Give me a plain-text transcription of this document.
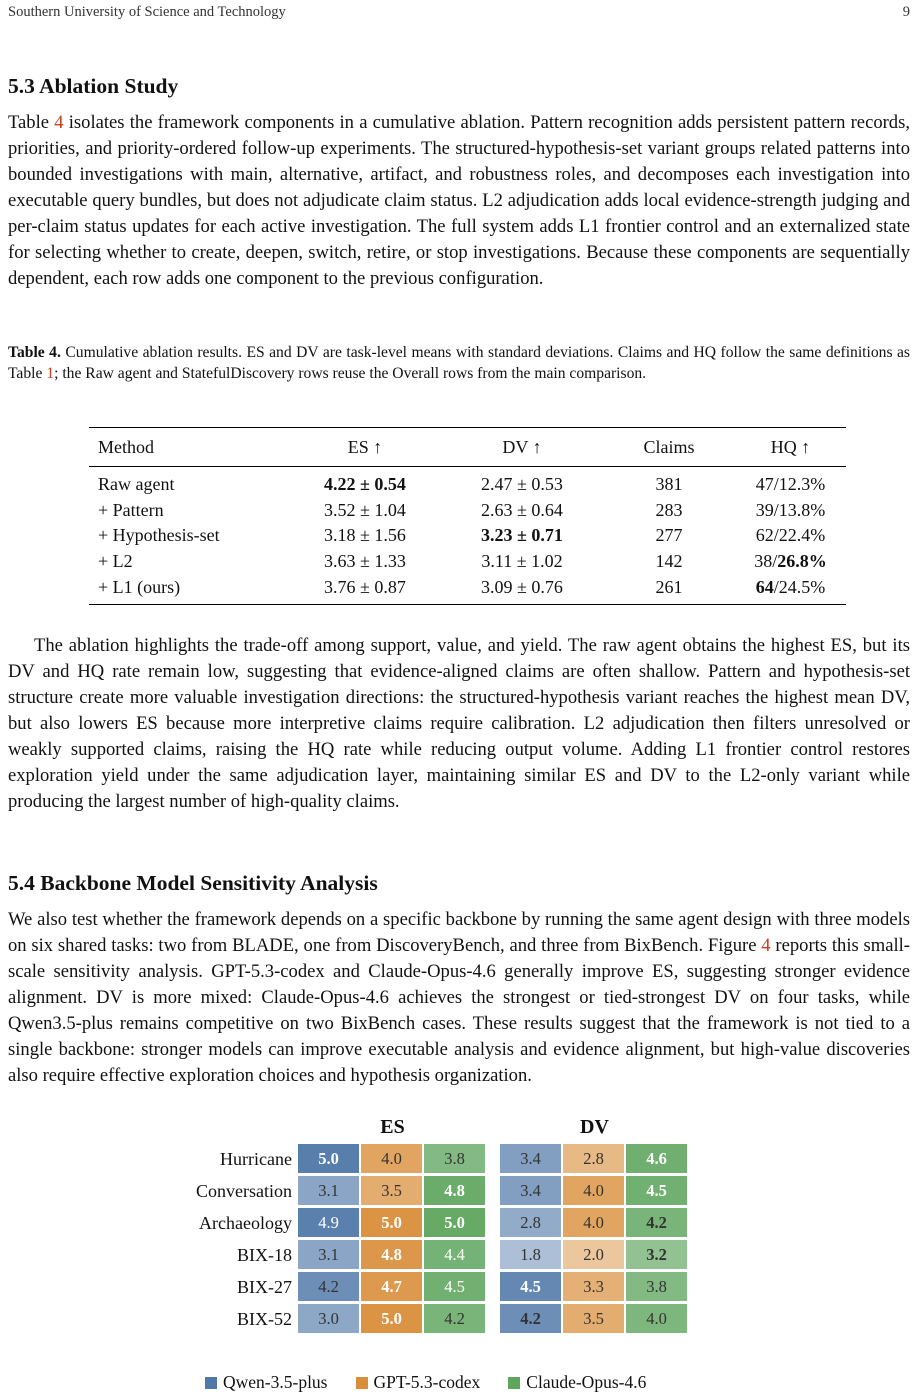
Southern University of Science and Technology	9
5.3 Ablation Study

Table 4 isolates the framework components in a cumulative ablation. Pattern recognition adds persistent pattern records, priorities, and priority-ordered follow-up experiments. The structured-hypothesis-set variant groups related patterns into bounded investigations with main, alternative, artifact, and robustness roles, and decomposes each investigation into executable query bundles, but does not adjudicate claim status. L2 adjudication adds local evidence-strength judging and per-claim status updates for each active investigation. The full system adds L1 frontier control and an externalized state for selecting whether to create, deepen, switch, retire, or stop investigations. Because these components are sequentially dependent, each row adds one component to the previous configuration.

Table 4. Cumulative ablation results. ES and DV are task-level means with standard deviations. Claims and HQ follow the same definitions as Table 1; the Raw agent and StatefulDiscovery rows reuse the Overall rows from the main comparison.

Method	ES ↑	DV ↑	Claims	HQ ↑
Raw agent	4.22 ± 0.54	2.47 ± 0.53	381	47/12.3%
+ Pattern	3.52 ± 1.04	2.63 ± 0.64	283	39/13.8%
+ Hypothesis-set	3.18 ± 1.56	3.23 ± 0.71	277	62/22.4%
+ L2	3.63 ± 1.33	3.11 ± 1.02	142	38/26.8%
+ L1 (ours)	3.76 ± 0.87	3.09 ± 0.76	261	64/24.5%

The ablation highlights the trade-off among support, value, and yield. The raw agent obtains the highest ES, but its DV and HQ rate remain low, suggesting that evidence-aligned claims are often shallow. Pattern and hypothesis-set structure create more valuable investigation directions: the structured-hypothesis variant reaches the highest mean DV, but also lowers ES because more interpretive claims require calibration. L2 adjudication then filters unresolved or weakly supported claims, raising the HQ rate while reducing output volume. Adding L1 frontier control restores exploration yield under the same adjudication layer, maintaining similar ES and DV to the L2-only variant while producing the largest number of high-quality claims.

5.4 Backbone Model Sensitivity Analysis

We also test whether the framework depends on a specific backbone by running the same agent design with three models on six shared tasks: two from BLADE, one from DiscoveryBench, and three from BixBench. Figure 4 reports this small-scale sensitivity analysis. GPT-5.3-codex and Claude-Opus-4.6 generally improve ES, suggesting stronger evidence alignment. DV is more mixed: Claude-Opus-4.6 achieves the strongest or tied-strongest DV on four tasks, while Qwen3.5-plus remains competitive on two BixBench cases. These results suggest that the framework is not tied to a single backbone: stronger models can improve executable analysis and evidence alignment, but high-value discoveries also require effective exploration choices and hypothesis organization.

ES	DV
Hurricane	5.0	4.0	3.8	3.4	2.8	4.6
Conversation	3.1	3.5	4.8	3.4	4.0	4.5
Archaeology	4.9	5.0	5.0	2.8	4.0	4.2
BIX-18	3.1	4.8	4.4	1.8	2.0	3.2
BIX-27	4.2	4.7	4.5	4.5	3.3	3.8
BIX-52	3.0	5.0	4.2	4.2	3.5	4.0
Qwen-3.5-plus	GPT-5.3-codex	Claude-Opus-4.6
